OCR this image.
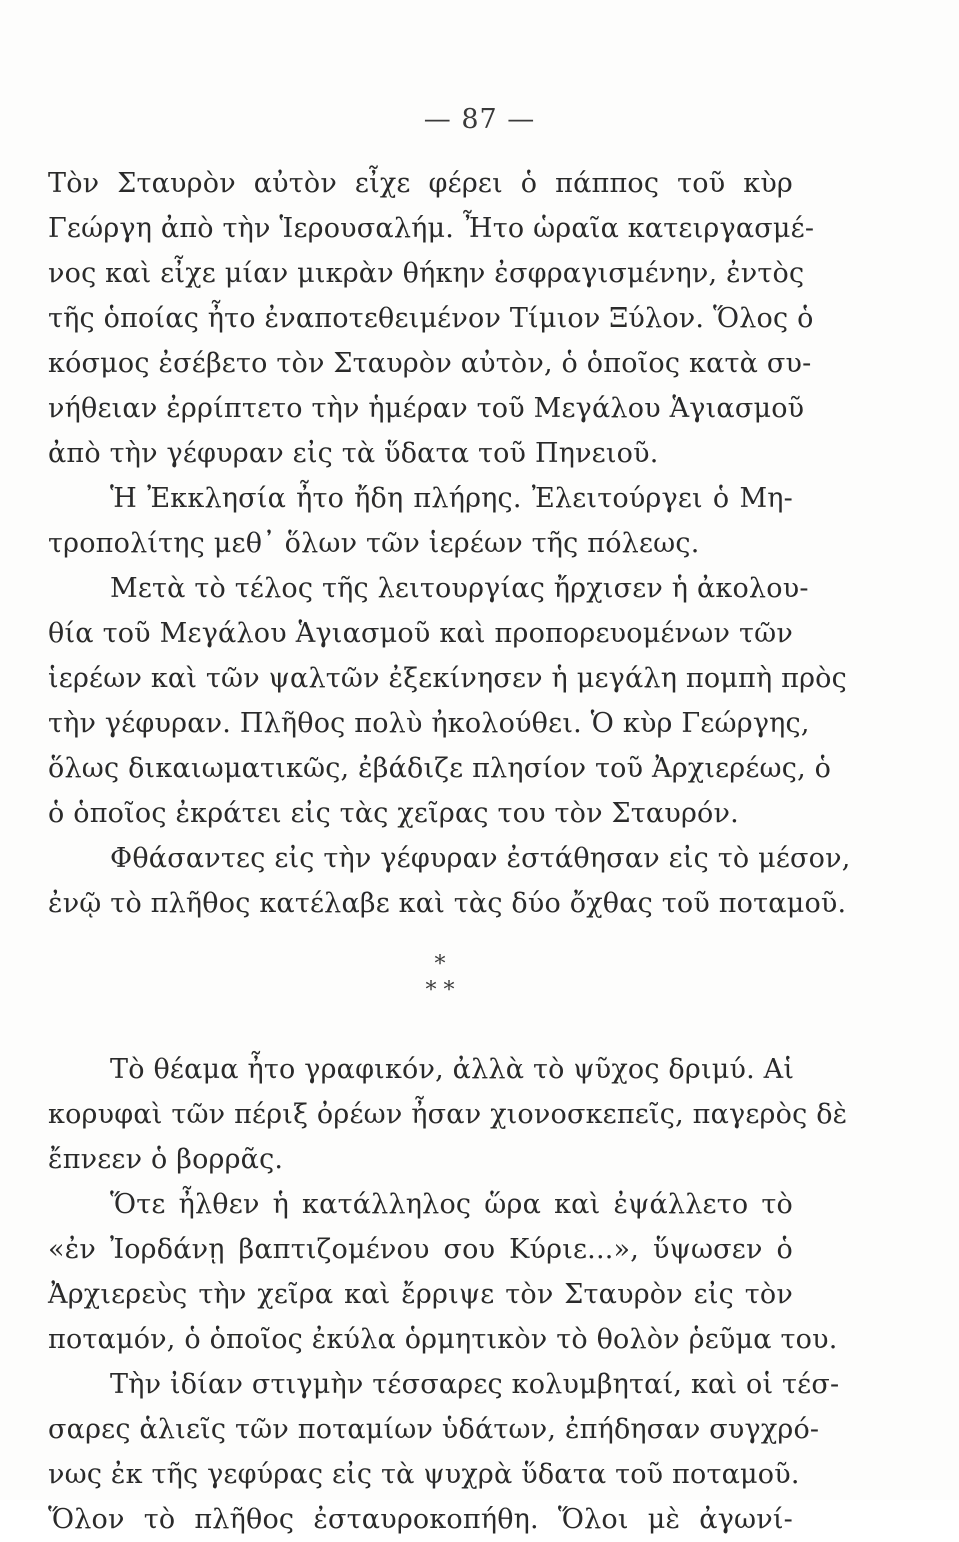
— 87 —
Τὸν Σταυρὸν αὐτὸν εἶχε φέρει ὁ πάππος τοῦ κὺρ
Γεώργη ἀπὸ τὴν Ἱερουσαλήμ. Ἦτο ὡραῖα κατειργασμέ-
νος καὶ εἶχε μίαν μικρὰν θήκην ἐσφραγισμένην, ἐντὸς
τῆς ὁποίας ἦτο ἐναποτεθειμένον Τίμιον Ξύλον. Ὅλος ὁ
κόσμος ἐσέβετο τὸν Σταυρὸν αὐτὸν, ὁ ὁποῖος κατὰ συ-
νήθειαν ἐρρίπτετο τὴν ἡμέραν τοῦ Μεγάλου Ἁγιασμοῦ
ἀπὸ τὴν γέφυραν εἰς τὰ ὕδατα τοῦ Πηνειοῦ.
Ἡ Ἐκκλησία ἦτο ἤδη πλήρης. Ἐλειτούργει ὁ Μη-
τροπολίτης μεθ᾽ ὅλων τῶν ἱερέων τῆς πόλεως.
Μετὰ τὸ τέλος τῆς λειτουργίας ἤρχισεν ἡ ἀκολου-
θία τοῦ Μεγάλου Ἁγιασμοῦ καὶ προπορευομένων τῶν
ἱερέων καὶ τῶν ψαλτῶν ἐξεκίνησεν ἡ μεγάλη πομπὴ πρὸς
τὴν γέφυραν. Πλῆθος πολὺ ἠκολούθει. Ὁ κὺρ Γεώργης,
ὅλως δικαιωματικῶς, ἐβάδιζε πλησίον τοῦ Ἀρχιερέως, ὁ
ὁ ὁποῖος ἐκράτει εἰς τὰς χεῖρας του τὸν Σταυρόν.
Φθάσαντες εἰς τὴν γέφυραν ἐστάθησαν εἰς τὸ μέσον,
ἐνῷ τὸ πλῆθος κατέλαβε καὶ τὰς δύο ὄχθας τοῦ ποταμοῦ.
*
* *
Τὸ θέαμα ἦτο γραφικόν, ἀλλὰ τὸ ψῦχος δριμύ. Αἱ
κορυφαὶ τῶν πέριξ ὀρέων ἦσαν χιονοσκεπεῖς, παγερὸς δὲ
ἔπνεεν ὁ βορρᾶς.
Ὅτε ἦλθεν ἡ κατάλληλος ὥρα καὶ ἐψάλλετο τὸ
«ἐν Ἰορδάνῃ βαπτιζομένου σου Κύριε...», ὕψωσεν ὁ
Ἀρχιερεὺς τὴν χεῖρα καὶ ἔρριψε τὸν Σταυρὸν εἰς τὸν
ποταμόν, ὁ ὁποῖος ἐκύλα ὁρμητικὸν τὸ θολὸν ῥεῦμα του.
Τὴν ἰδίαν στιγμὴν τέσσαρες κολυμβηταί, καὶ οἱ τέσ-
σαρες ἁλιεῖς τῶν ποταμίων ὑδάτων, ἐπήδησαν συγχρό-
νως ἐκ τῆς γεφύρας εἰς τὰ ψυχρὰ ὕδατα τοῦ ποταμοῦ.
Ὅλον τὸ πλῆθος ἐσταυροκοπήθη. Ὅλοι μὲ ἀγωνί-
